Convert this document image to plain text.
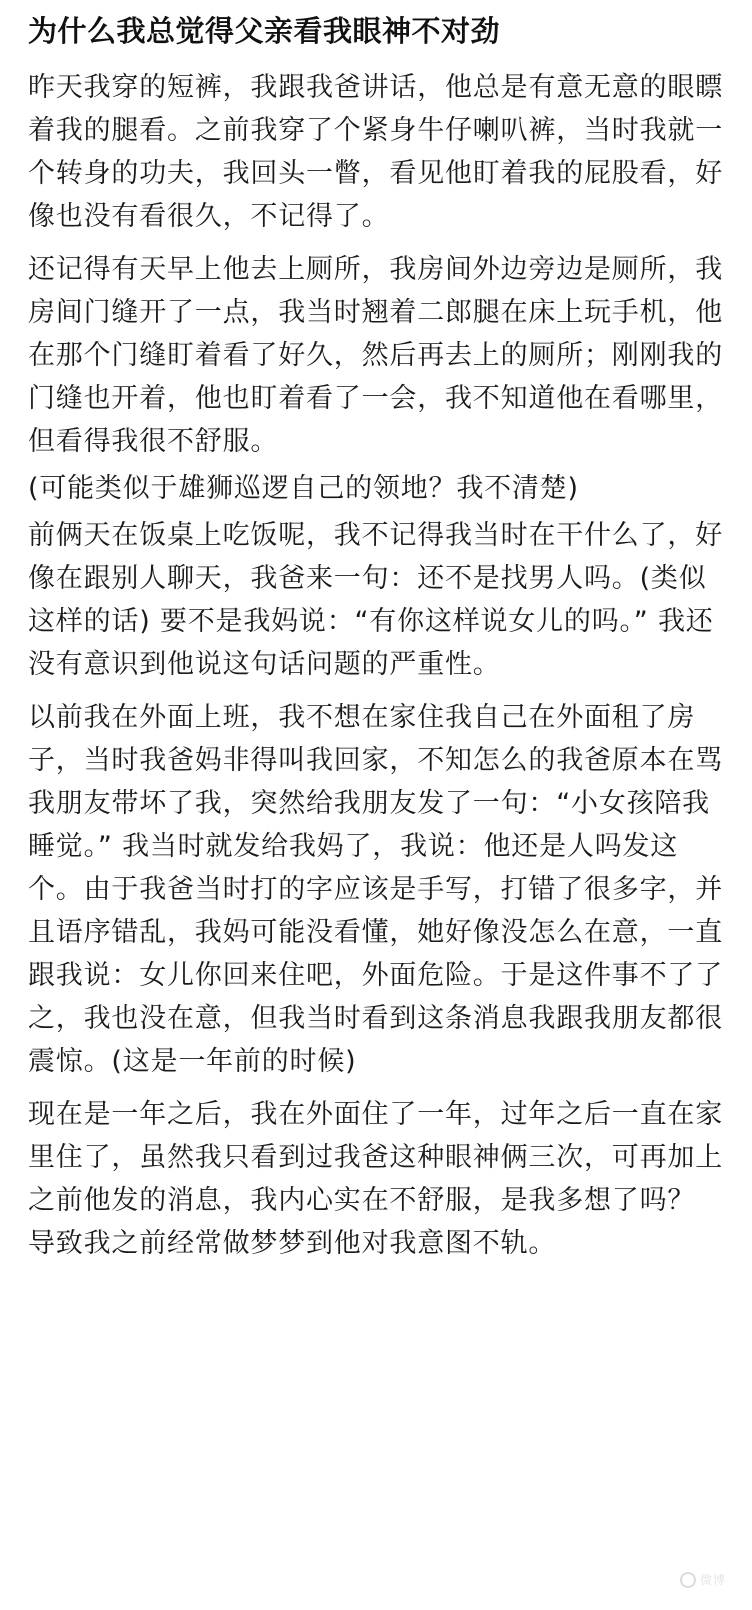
为什么我总觉得父亲看我眼神不对劲
昨天我穿的短裤，我跟我爸讲话，他总是有意无意的眼瞟着我的腿看。之前我穿了个紧身牛仔喇叭裤，当时我就一个转身的功夫，我回头一瞥，看见他盯着我的屁股看，好像也没有看很久，不记得了。
还记得有天早上他去上厕所，我房间外边旁边是厕所，我房间门缝开了一点，我当时翘着二郎腿在床上玩手机，他在那个门缝盯着看了好久，然后再去上的厕所；刚刚我的门缝也开着，他也盯着看了一会，我不知道他在看哪里，但看得我很不舒服。
(可能类似于雄狮巡逻自己的领地？我不清楚)
前俩天在饭桌上吃饭呢，我不记得我当时在干什么了，好像在跟别人聊天，我爸来一句：还不是找男人吗。(类似这样的话) 要不是我妈说：“有你这样说女儿的吗。” 我还没有意识到他说这句话问题的严重性。
以前我在外面上班，我不想在家住我自己在外面租了房子，当时我爸妈非得叫我回家，不知怎么的我爸原本在骂我朋友带坏了我，突然给我朋友发了一句：“小女孩陪我睡觉。” 我当时就发给我妈了，我说：他还是人吗发这个。由于我爸当时打的字应该是手写，打错了很多字，并且语序错乱，我妈可能没看懂，她好像没怎么在意，一直跟我说：女儿你回来住吧，外面危险。于是这件事不了了之，我也没在意，但我当时看到这条消息我跟我朋友都很震惊。(这是一年前的时候)
现在是一年之后，我在外面住了一年，过年之后一直在家里住了，虽然我只看到过我爸这种眼神俩三次，可再加上之前他发的消息，我内心实在不舒服，是我多想了吗？ 导致我之前经常做梦梦到他对我意图不轨。
微博
